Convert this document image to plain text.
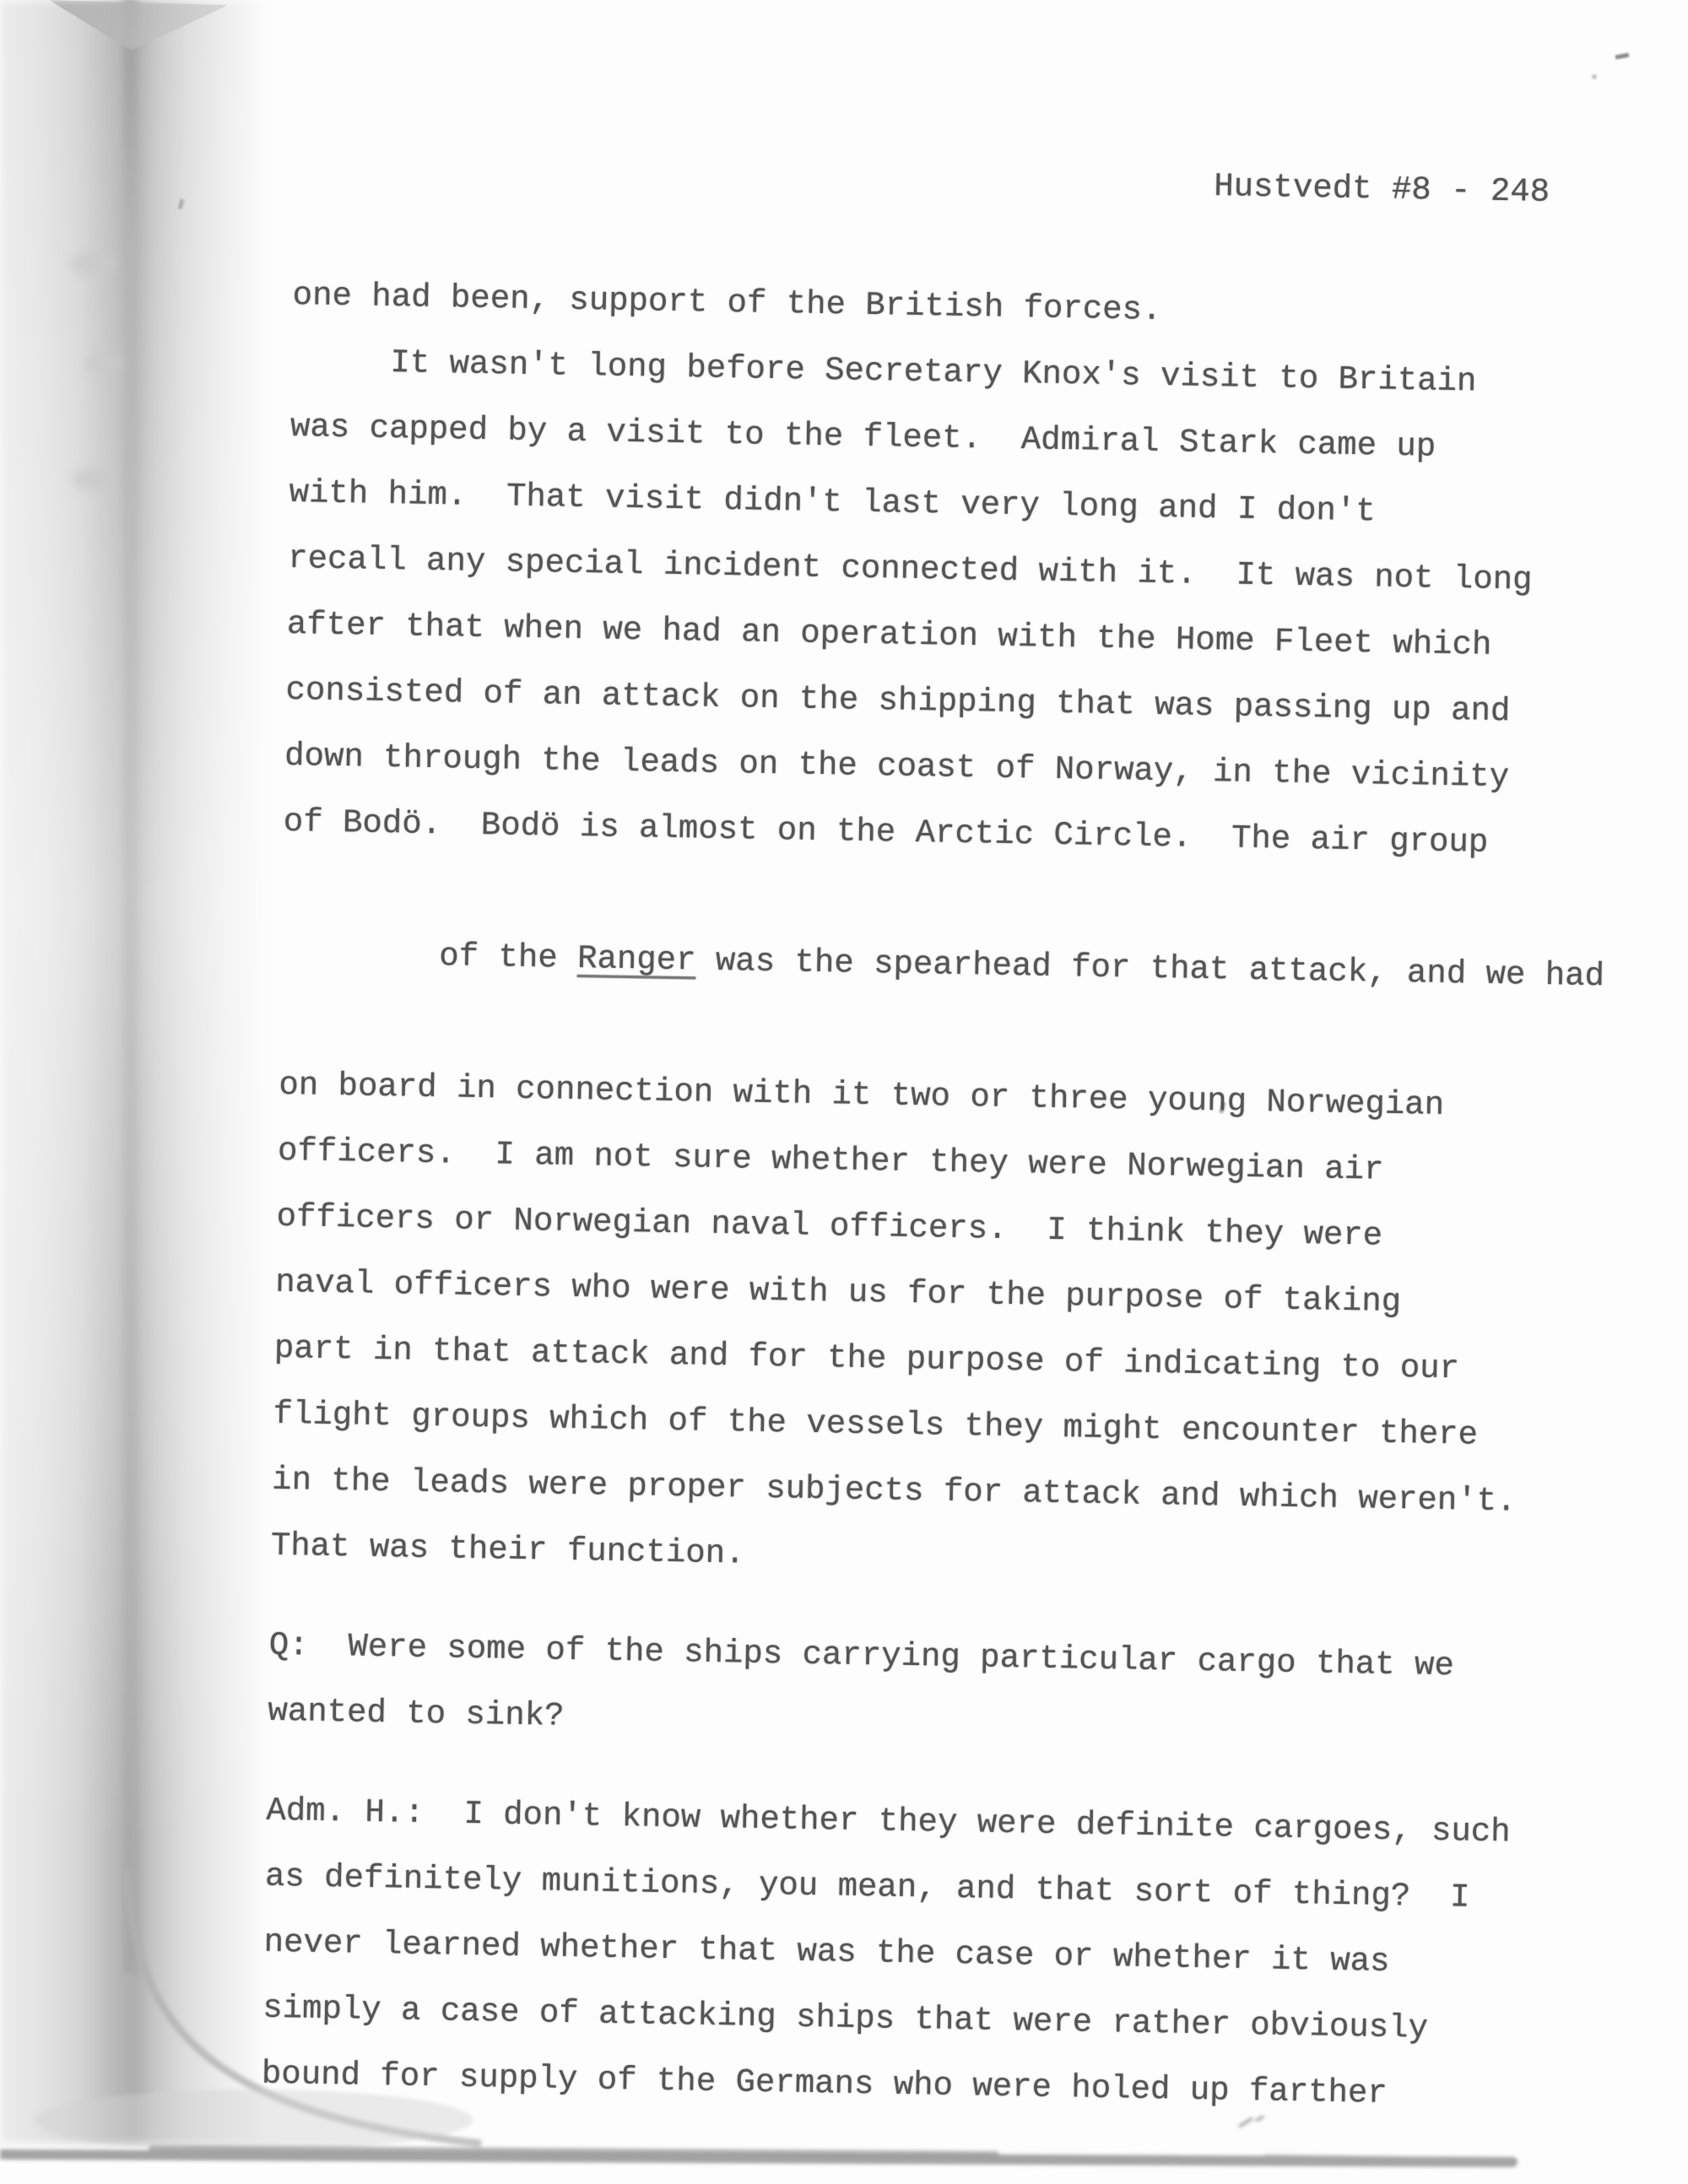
Hustvedt #8 - 248
one had been, support of the British forces.
It wasn't long before Secretary Knox's visit to Britain
was capped by a visit to the fleet.  Admiral Stark came up
with him.  That visit didn't last very long and I don't
recall any special incident connected with it.  It was not long
after that when we had an operation with the Home Fleet which
consisted of an attack on the shipping that was passing up and
down through the leads on the coast of Norway, in the vicinity
of Bodö.  Bodö is almost on the Arctic Circle.  The air group

of the Ranger was the spearhead for that attack, and we had

on board in connection with it two or three young Norwegian
officers.  I am not sure whether they were Norwegian air
officers or Norwegian naval officers.  I think they were
naval officers who were with us for the purpose of taking
part in that attack and for the purpose of indicating to our
flight groups which of the vessels they might encounter there
in the leads were proper subjects for attack and which weren't.
That was their function.
Q:  Were some of the ships carrying particular cargo that we
wanted to sink?
Adm. H.:  I don't know whether they were definite cargoes, such
as definitely munitions, you mean, and that sort of thing?  I
never learned whether that was the case or whether it was
simply a case of attacking ships that were rather obviously
bound for supply of the Germans who were holed up farther
